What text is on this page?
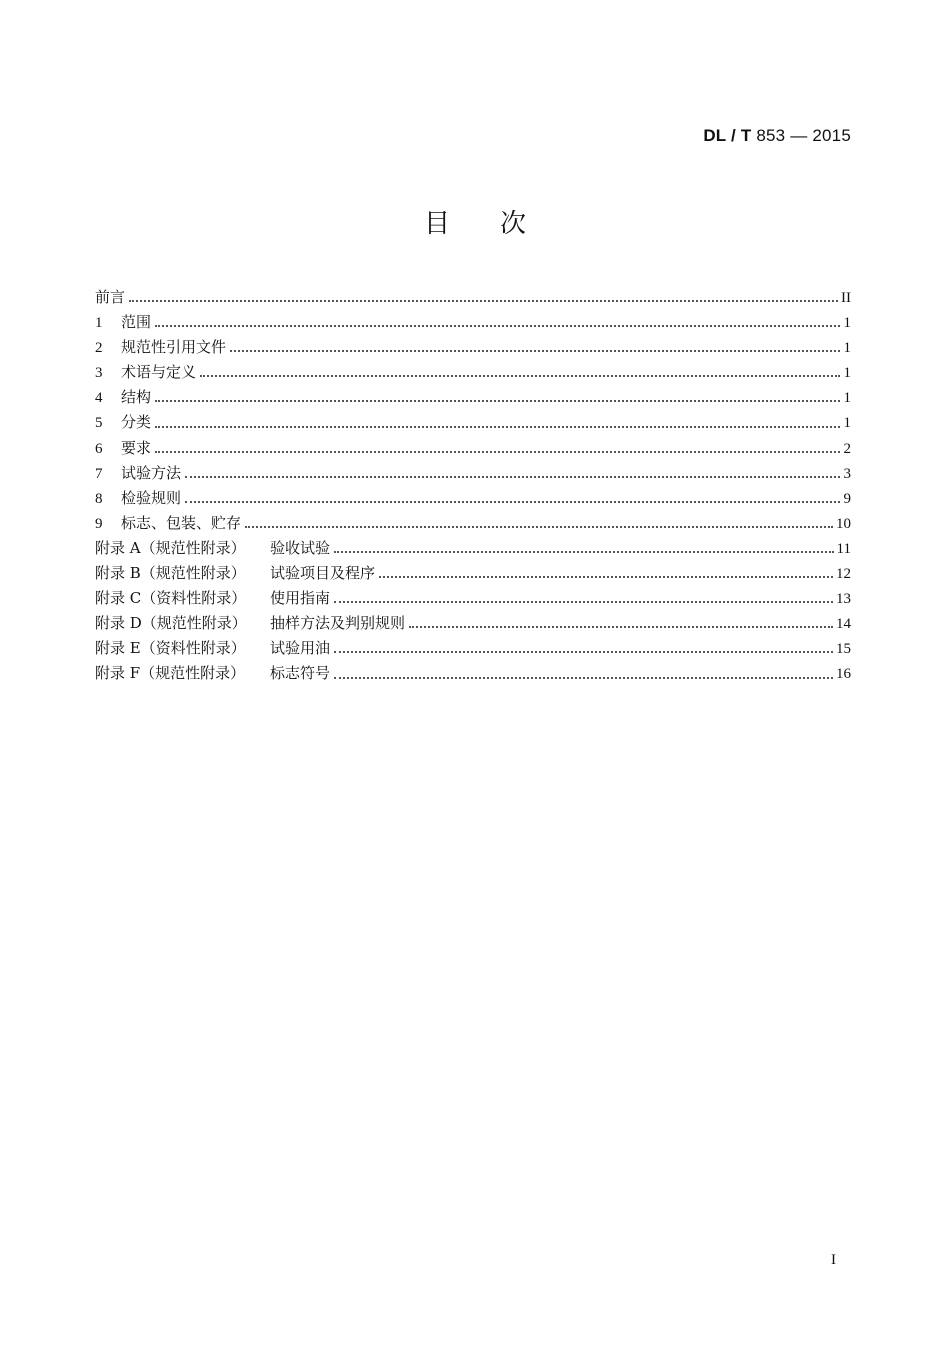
DL / T 853 — 2015
目次
前言	II
1	范围	1
2	规范性引用文件	1
3	术语与定义	1
4	结构	1
5	分类	1
6	要求	2
7	试验方法	3
8	检验规则	9
9	标志、包装、贮存	10
附录 A（规范性附录）	验收试验	11
附录 B（规范性附录）	试验项目及程序	12
附录 C（资料性附录）	使用指南	13
附录 D（规范性附录）	抽样方法及判别规则	14
附录 E（资料性附录）	试验用油	15
附录 F（规范性附录）	标志符号	16
I
